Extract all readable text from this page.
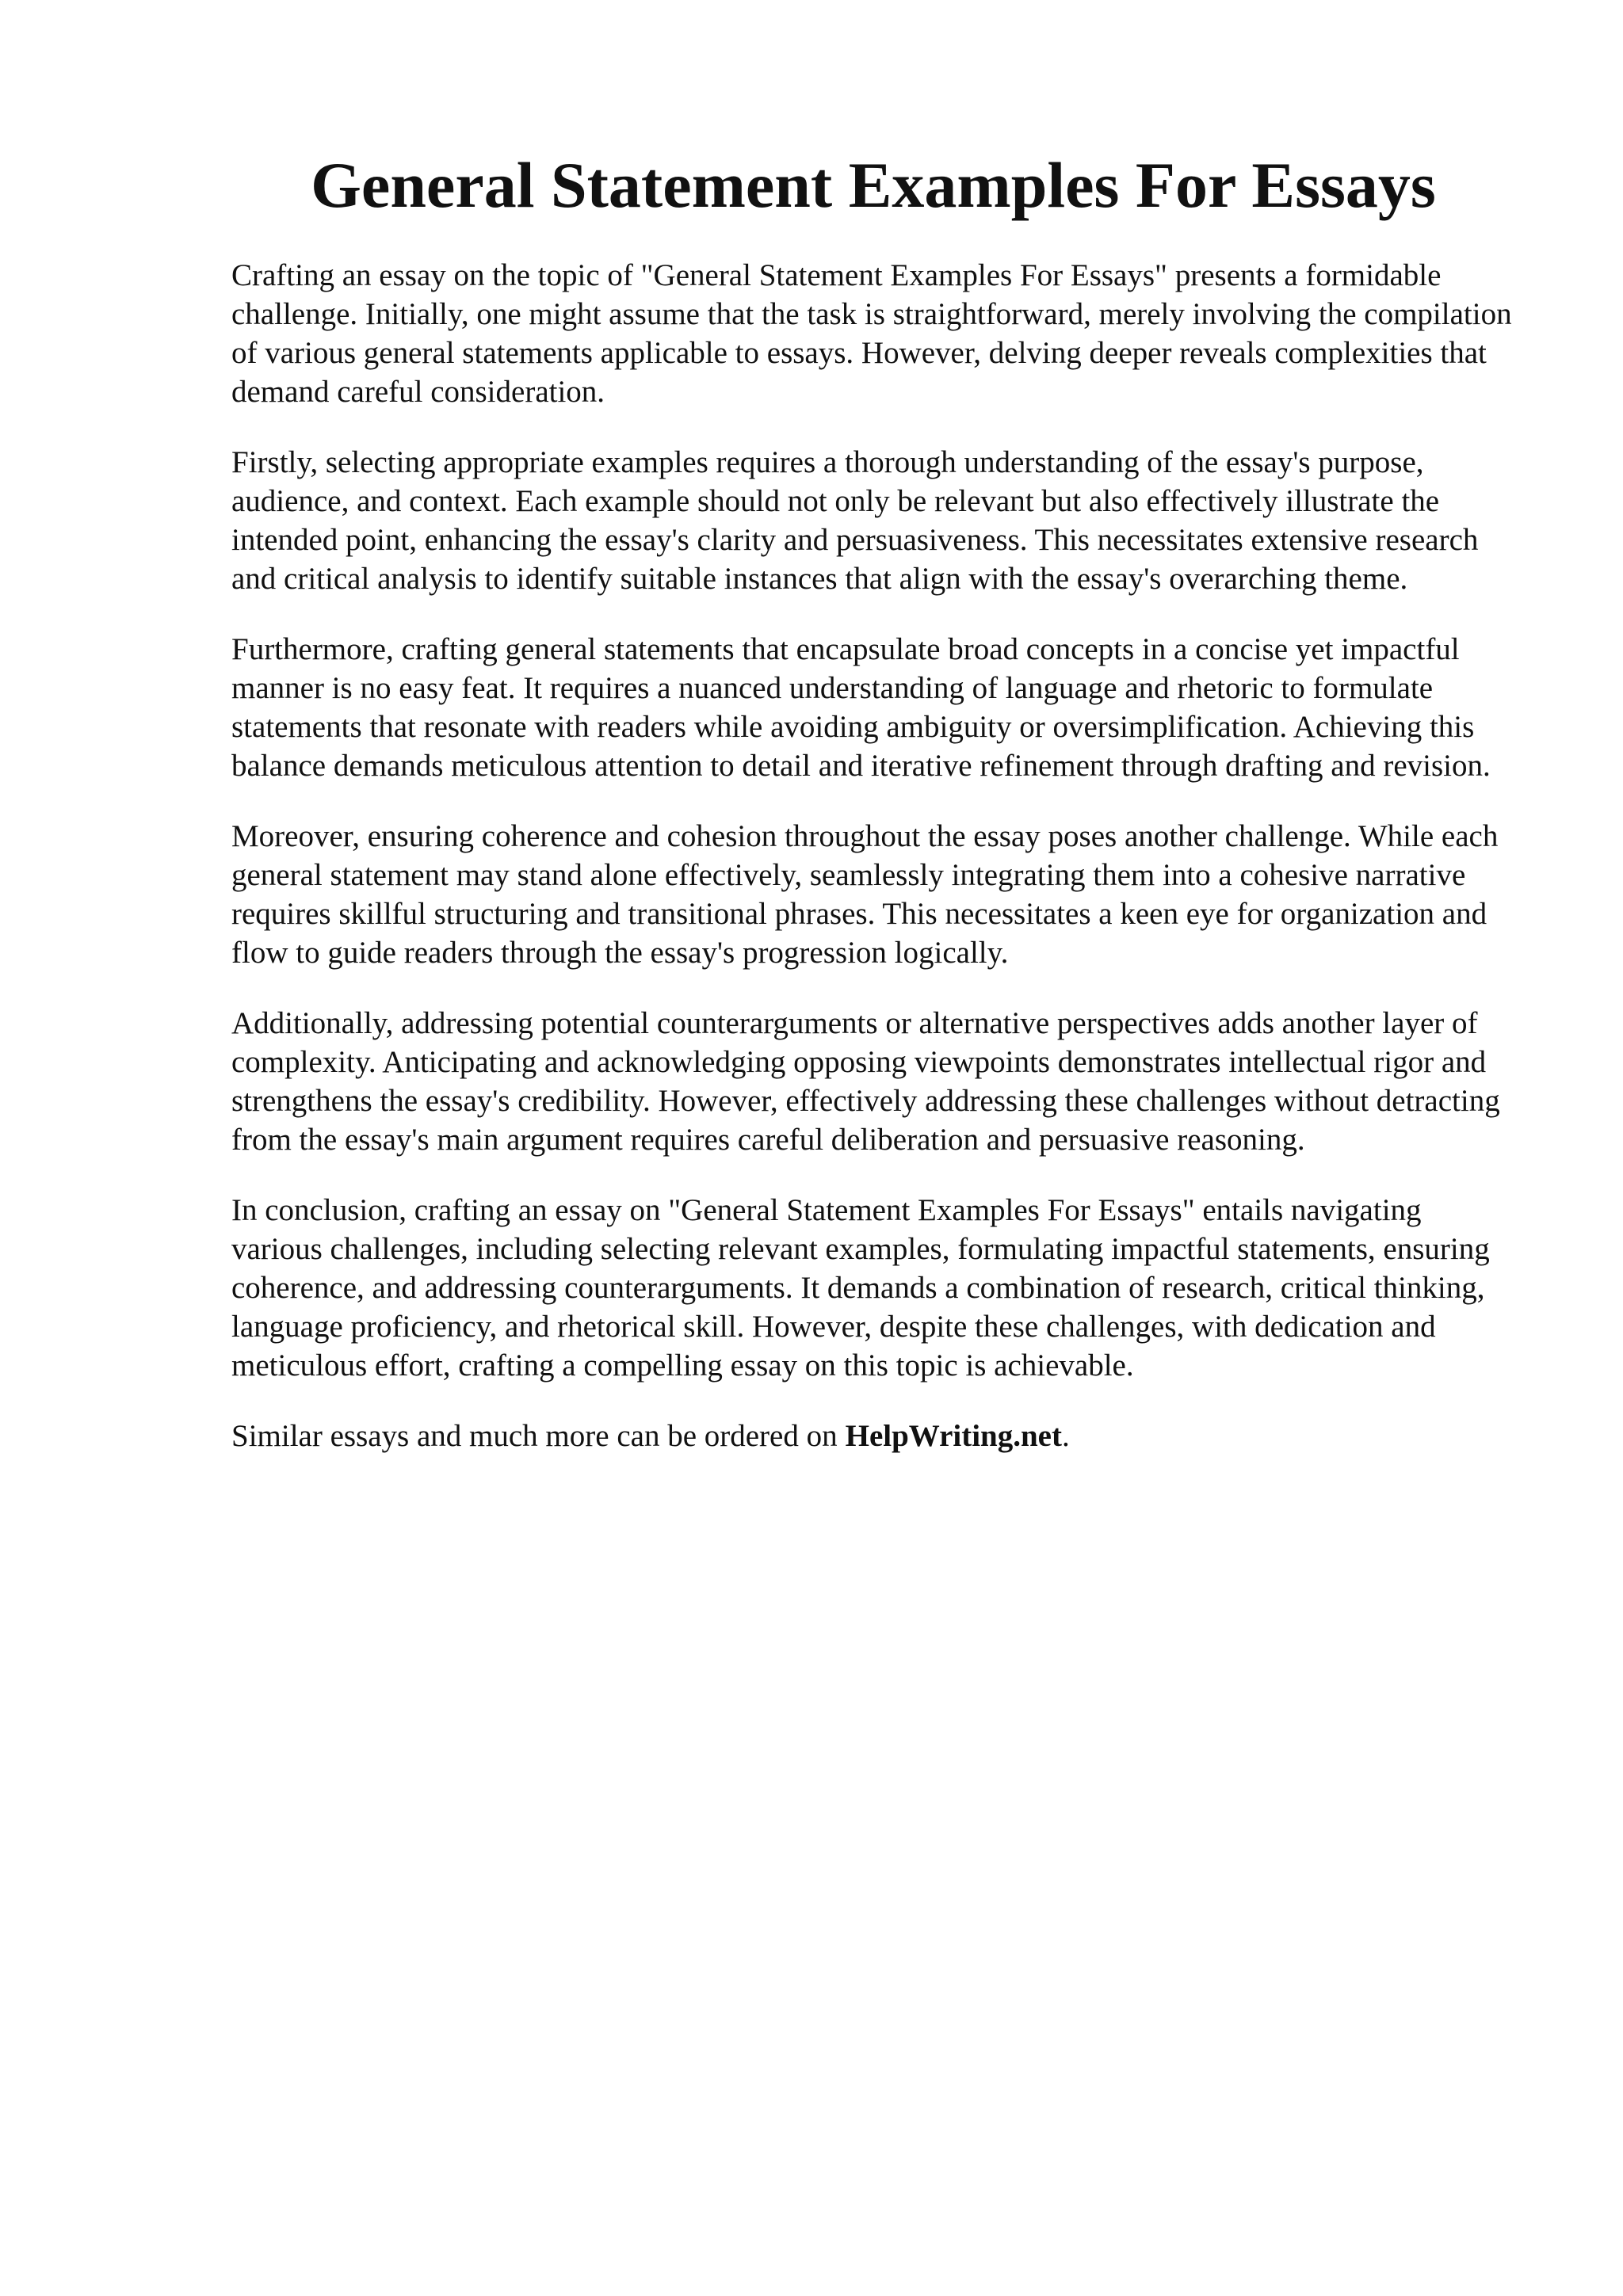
General Statement Examples For Essays

Crafting an essay on the topic of "General Statement Examples For Essays" presents a formidable challenge. Initially, one might assume that the task is straightforward, merely involving the compilation of various general statements applicable to essays. However, delving deeper reveals complexities that demand careful consideration.

Firstly, selecting appropriate examples requires a thorough understanding of the essay's purpose, audience, and context. Each example should not only be relevant but also effectively illustrate the intended point, enhancing the essay's clarity and persuasiveness. This necessitates extensive research and critical analysis to identify suitable instances that align with the essay's overarching theme.

Furthermore, crafting general statements that encapsulate broad concepts in a concise yet impactful manner is no easy feat. It requires a nuanced understanding of language and rhetoric to formulate statements that resonate with readers while avoiding ambiguity or oversimplification. Achieving this balance demands meticulous attention to detail and iterative refinement through drafting and revision.

Moreover, ensuring coherence and cohesion throughout the essay poses another challenge. While each general statement may stand alone effectively, seamlessly integrating them into a cohesive narrative requires skillful structuring and transitional phrases. This necessitates a keen eye for organization and flow to guide readers through the essay's progression logically.

Additionally, addressing potential counterarguments or alternative perspectives adds another layer of complexity. Anticipating and acknowledging opposing viewpoints demonstrates intellectual rigor and strengthens the essay's credibility. However, effectively addressing these challenges without detracting from the essay's main argument requires careful deliberation and persuasive reasoning.

In conclusion, crafting an essay on "General Statement Examples For Essays" entails navigating various challenges, including selecting relevant examples, formulating impactful statements, ensuring coherence, and addressing counterarguments. It demands a combination of research, critical thinking, language proficiency, and rhetorical skill. However, despite these challenges, with dedication and meticulous effort, crafting a compelling essay on this topic is achievable.

Similar essays and much more can be ordered on HelpWriting.net.
